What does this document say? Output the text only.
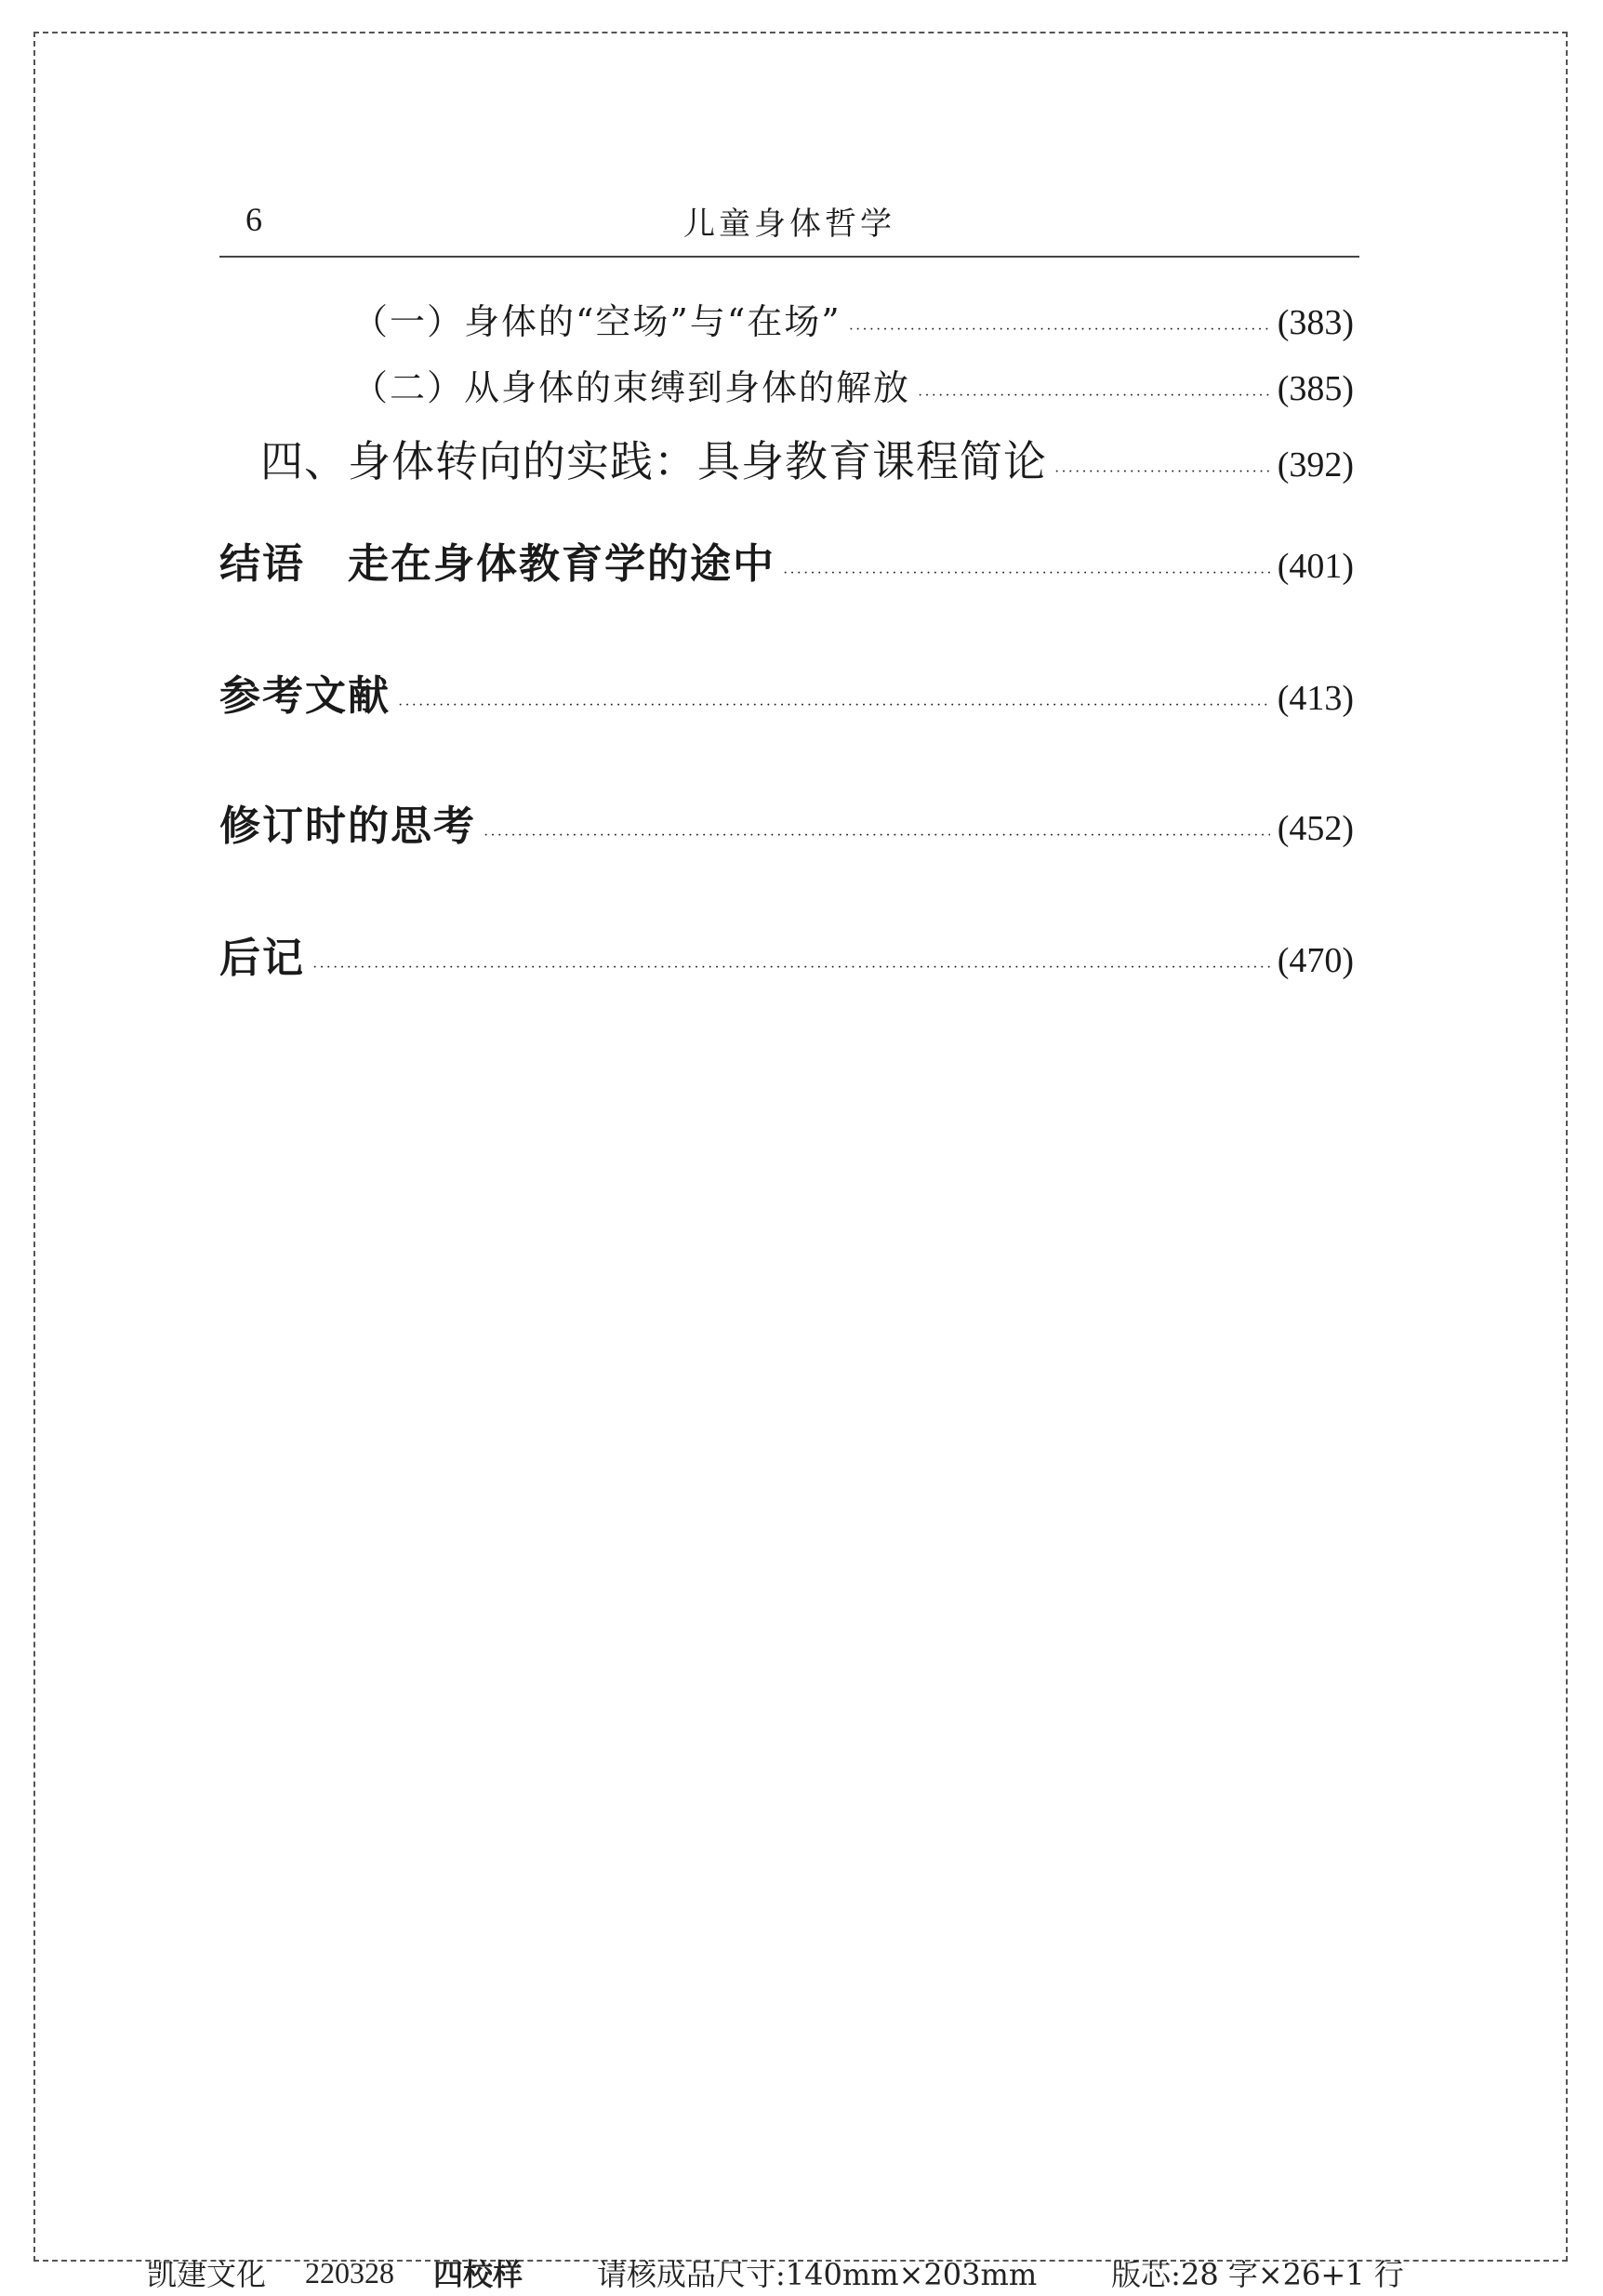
6	儿童身体哲学
（一）身体的“空场”与“在场” ·····	(383)
（二）从身体的束缚到身体的解放 ·····	(385)
四、身体转向的实践：具身教育课程简论 ·····	(392)
结语　走在身体教育学的途中 ·····	(401)
参考文献 ·····	(413)
修订时的思考 ·····	(452)
后记 ·····	(470)
凯建文化 220328 四校样	请核成品尺寸:140mm×203mm	版芯:28 字×26+1 行
